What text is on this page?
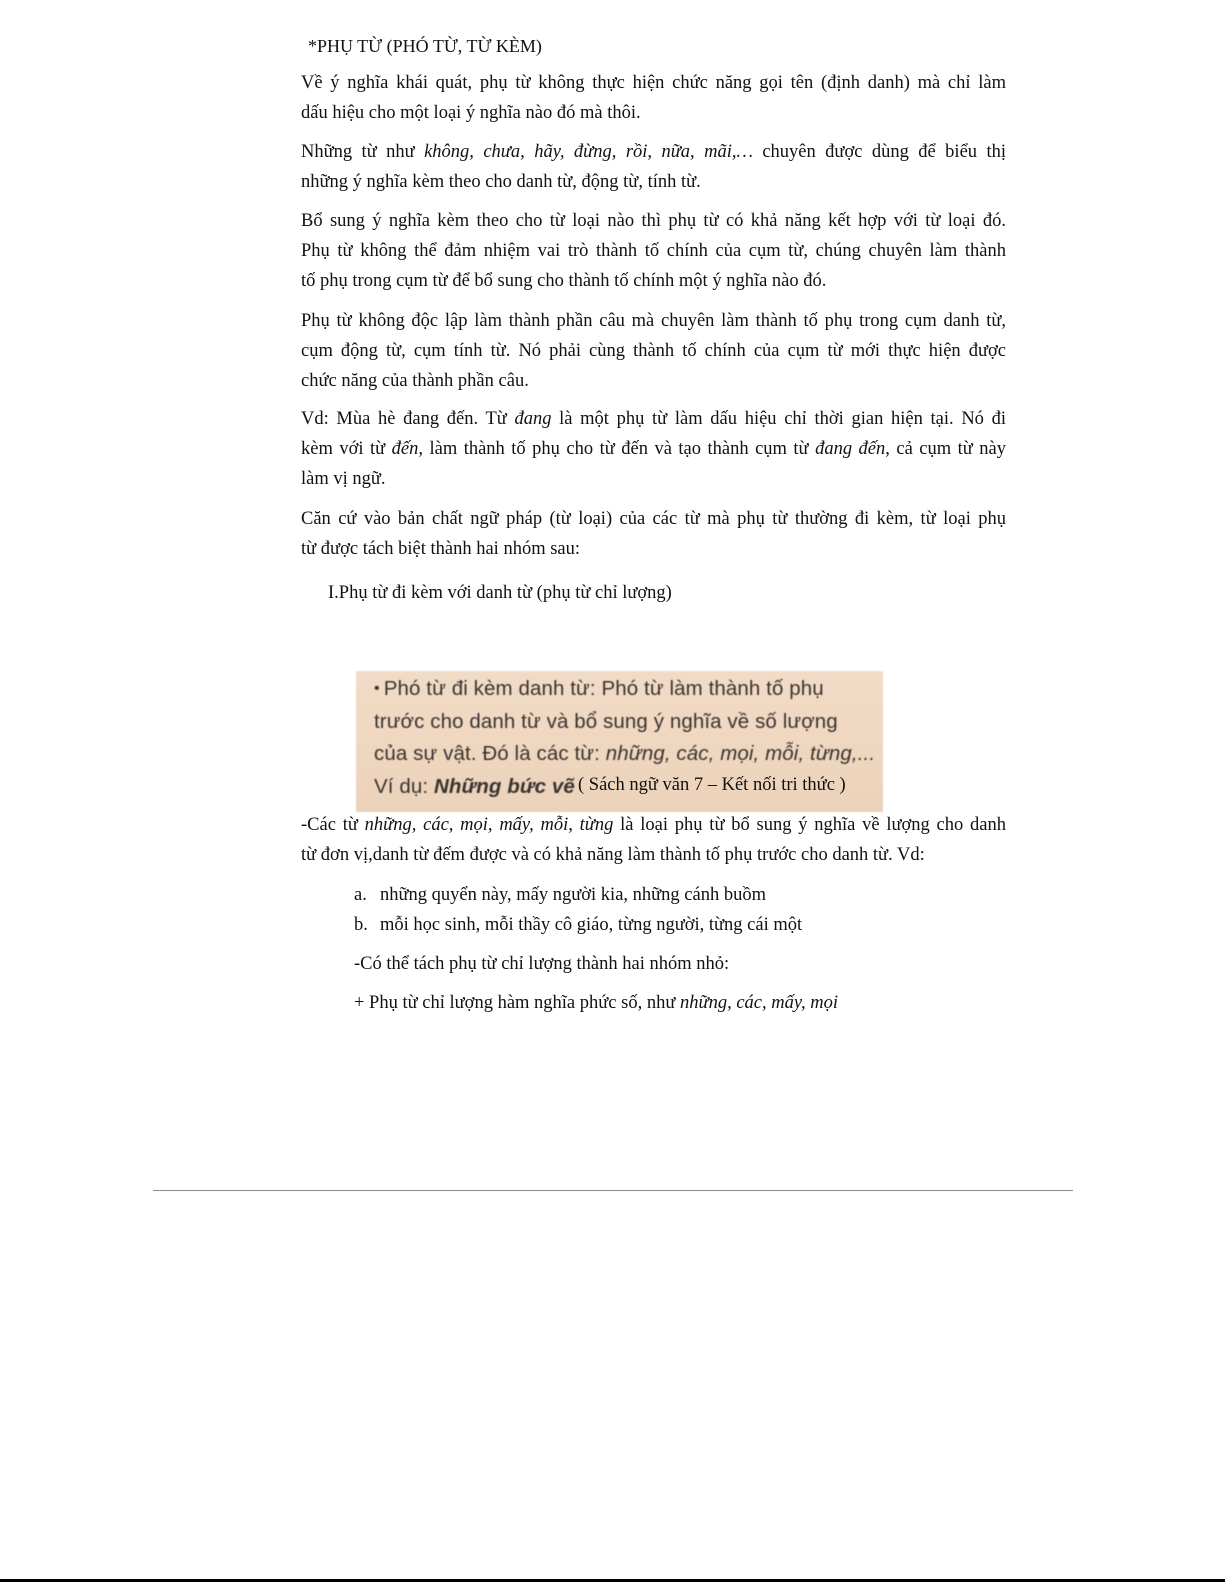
*PHỤ TỪ (PHÓ TỪ, TỪ KÈM)

Về ý nghĩa khái quát, phụ từ không thực hiện chức năng gọi tên (định danh) mà chỉ làm
dấu hiệu cho một loại ý nghĩa nào đó mà thôi.

Những từ như không, chưa, hãy, đừng, rồi, nữa, mãi,… chuyên được dùng để biểu thị
những ý nghĩa kèm theo cho danh từ, động từ, tính từ.

Bổ sung ý nghĩa kèm theo cho từ loại nào thì phụ từ có khả năng kết hợp với từ loại đó.
Phụ từ không thể đảm nhiệm vai trò thành tố chính của cụm từ, chúng chuyên làm thành
tố phụ trong cụm từ để bổ sung cho thành tố chính một ý nghĩa nào đó.

Phụ từ không độc lập làm thành phần câu mà chuyên làm thành tố phụ trong cụm danh từ,
cụm động từ, cụm tính từ. Nó phải cùng thành tố chính của cụm từ mới thực hiện được
chức năng của thành phần câu.

Vd: Mùa hè đang đến. Từ đang là một phụ từ làm dấu hiệu chỉ thời gian hiện tại. Nó đi
kèm với từ đến, làm thành tố phụ cho từ đến và tạo thành cụm từ đang đến, cả cụm từ này
làm vị ngữ.

Căn cứ vào bản chất ngữ pháp (từ loại) của các từ mà phụ từ thường đi kèm, từ loại phụ
từ được tách biệt thành hai nhóm sau:

I.Phụ từ đi kèm với danh từ (phụ từ chỉ lượng)

-Các từ những, các, mọi, mấy, mỗi, từng là loại phụ từ bổ sung ý nghĩa về lượng cho danh
từ đơn vị,danh từ đếm được và có khả năng làm thành tố phụ trước cho danh từ. Vd:

• Phó từ đi kèm danh từ: Phó từ làm thành tố phụ
trước cho danh từ và bổ sung ý nghĩa về số lượng
của sự vật. Đó là các từ: những, các, mọi, mỗi, từng,...
Ví dụ: Những bức vẽ ( Sách ngữ văn 7 – Kết nối tri thức )
a. những quyển này, mấy người kia, những cánh buồm
b. mỗi học sinh, mỗi thầy cô giáo, từng người, từng cái một
-Có thể tách phụ từ chỉ lượng thành hai nhóm nhỏ:
+ Phụ từ chỉ lượng hàm nghĩa phức số, như những, các, mấy, mọi
